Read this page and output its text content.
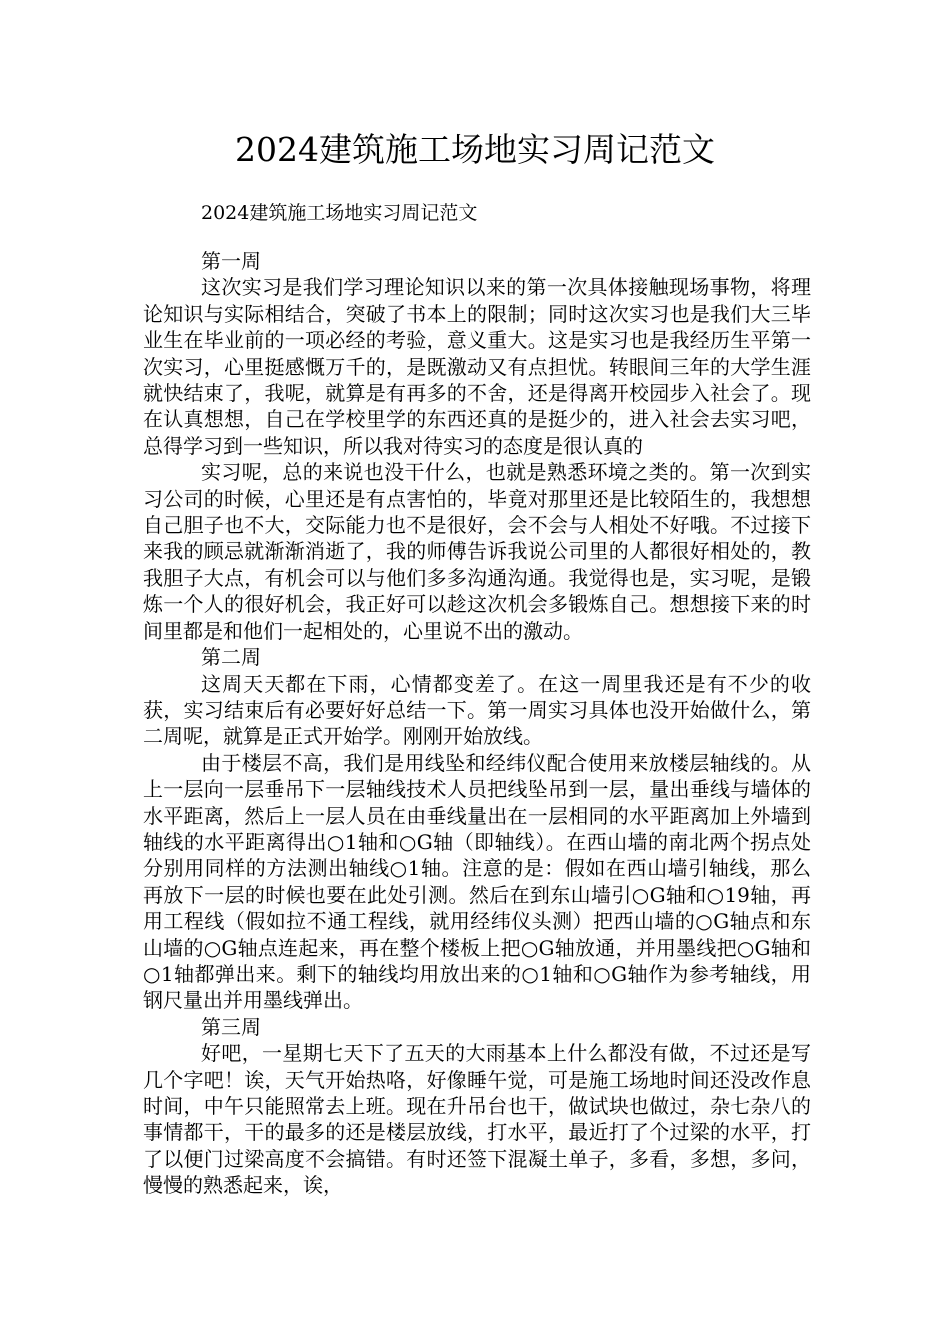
2024建筑施工场地实习周记范文

2024建筑施工场地实习周记范文

第一周

这次实习是我们学习理论知识以来的第一次具体接触现场事物，将理论知识与实际相结合，突破了书本上的限制；同时这次实习也是我们大三毕业生在毕业前的一项必经的考验，意义重大。这是实习也是我经历生平第一次实习，心里挺感慨万千的，是既激动又有点担忧。转眼间三年的大学生涯就快结束了，我呢，就算是有再多的不舍，还是得离开校园步入社会了。现在认真想想，自己在学校里学的东西还真的是挺少的，进入社会去实习吧，总得学习到一些知识，所以我对待实习的态度是很认真的

实习呢，总的来说也没干什么，也就是熟悉环境之类的。第一次到实习公司的时候，心里还是有点害怕的，毕竟对那里还是比较陌生的，我想想自己胆子也不大，交际能力也不是很好，会不会与人相处不好哦。不过接下来我的顾忌就渐渐消逝了，我的师傅告诉我说公司里的人都很好相处的，教我胆子大点，有机会可以与他们多多沟通沟通。我觉得也是，实习呢，是锻炼一个人的很好机会，我正好可以趁这次机会多锻炼自己。想想接下来的时间里都是和他们一起相处的，心里说不出的激动。

第二周

这周天天都在下雨，心情都变差了。在这一周里我还是有不少的收获，实习结束后有必要好好总结一下。第一周实习具体也没开始做什么，第二周呢，就算是正式开始学。刚刚开始放线。

由于楼层不高，我们是用线坠和经纬仪配合使用来放楼层轴线的。从上一层向一层垂吊下一层轴线技术人员把线坠吊到一层，量出垂线与墙体的水平距离，然后上一层人员在由垂线量出在一层相同的水平距离加上外墙到轴线的水平距离得出○1轴和○G轴（即轴线）。在西山墙的南北两个拐点处分别用同样的方法测出轴线○1轴。注意的是：假如在西山墙引轴线，那么再放下一层的时候也要在此处引测。然后在到东山墙引○G轴和○19轴，再用工程线（假如拉不通工程线，就用经纬仪头测）把西山墙的○G轴点和东山墙的○G轴点连起来，再在整个楼板上把○G轴放通，并用墨线把○G轴和○1轴都弹出来。剩下的轴线均用放出来的○1轴和○G轴作为参考轴线，用钢尺量出并用墨线弹出。

第三周

好吧，一星期七天下了五天的大雨基本上什么都没有做，不过还是写几个字吧！诶，天气开始热咯，好像睡午觉，可是施工场地时间还没改作息时间，中午只能照常去上班。现在升吊台也干，做试块也做过，杂七杂八的事情都干，干的最多的还是楼层放线，打水平，最近打了个过梁的水平，打了以便门过梁高度不会搞错。有时还签下混凝土单子，多看，多想，多问，慢慢的熟悉起来，诶，
